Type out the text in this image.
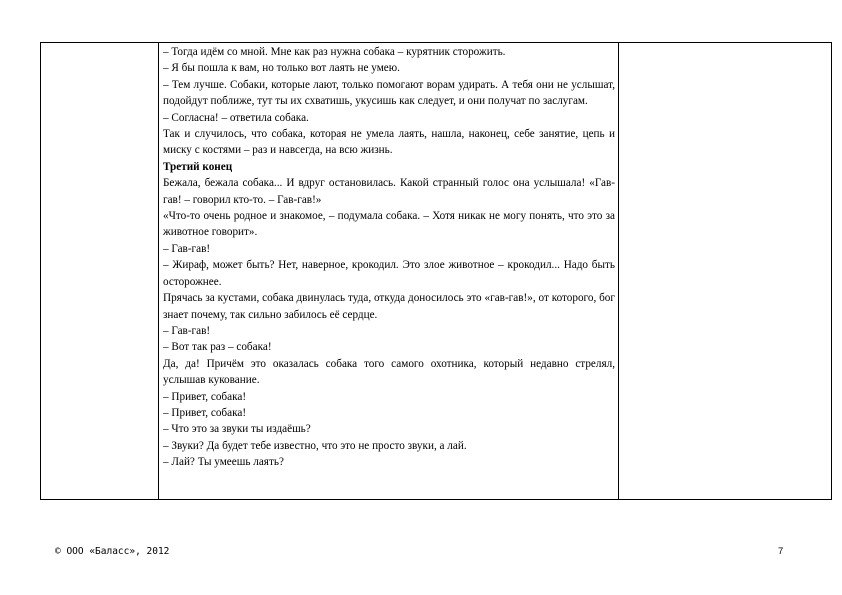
– Тогда идём со мной. Мне как раз нужна собака – курятник сторожить.

– Я бы пошла к вам, но только вот лаять не умею.

– Тем лучше. Собаки, которые лают, только помогают ворам удирать. А тебя они не услышат, подойдут поближе, тут ты их схватишь, укусишь как следует, и они получат по заслугам.

– Согласна! – ответила собака.

Так и случилось, что собака, которая не умела лаять, нашла, наконец, себе занятие, цепь и миску с костями – раз и навсегда, на всю жизнь.

Третий конец

Бежала, бежала собака... И вдруг остановилась. Какой странный голос она услышала! «Гав-гав! – говорил кто-то. – Гав-гав!»

«Что-то очень родное и знакомое, – подумала собака. – Хотя никак не могу понять, что это за животное говорит».

– Гав-гав!

– Жираф, может быть? Нет, наверное, крокодил. Это злое животное – крокодил... Надо быть осторожнее.

Прячась за кустами, собака двинулась туда, откуда доносилось это «гав-гав!», от которого, бог знает почему, так сильно забилось её сердце.

– Гав-гав!

– Вот так раз – собака!

Да, да! Причём это оказалась собака того самого охотника, который недавно стрелял, услышав кукование.

– Привет, собака!

– Привет, собака!

– Что это за звуки ты издаёшь?

– Звуки? Да будет тебе известно, что это не просто звуки, а лай.

– Лай? Ты умеешь лаять?

© ООО «Баласс», 2012	7
